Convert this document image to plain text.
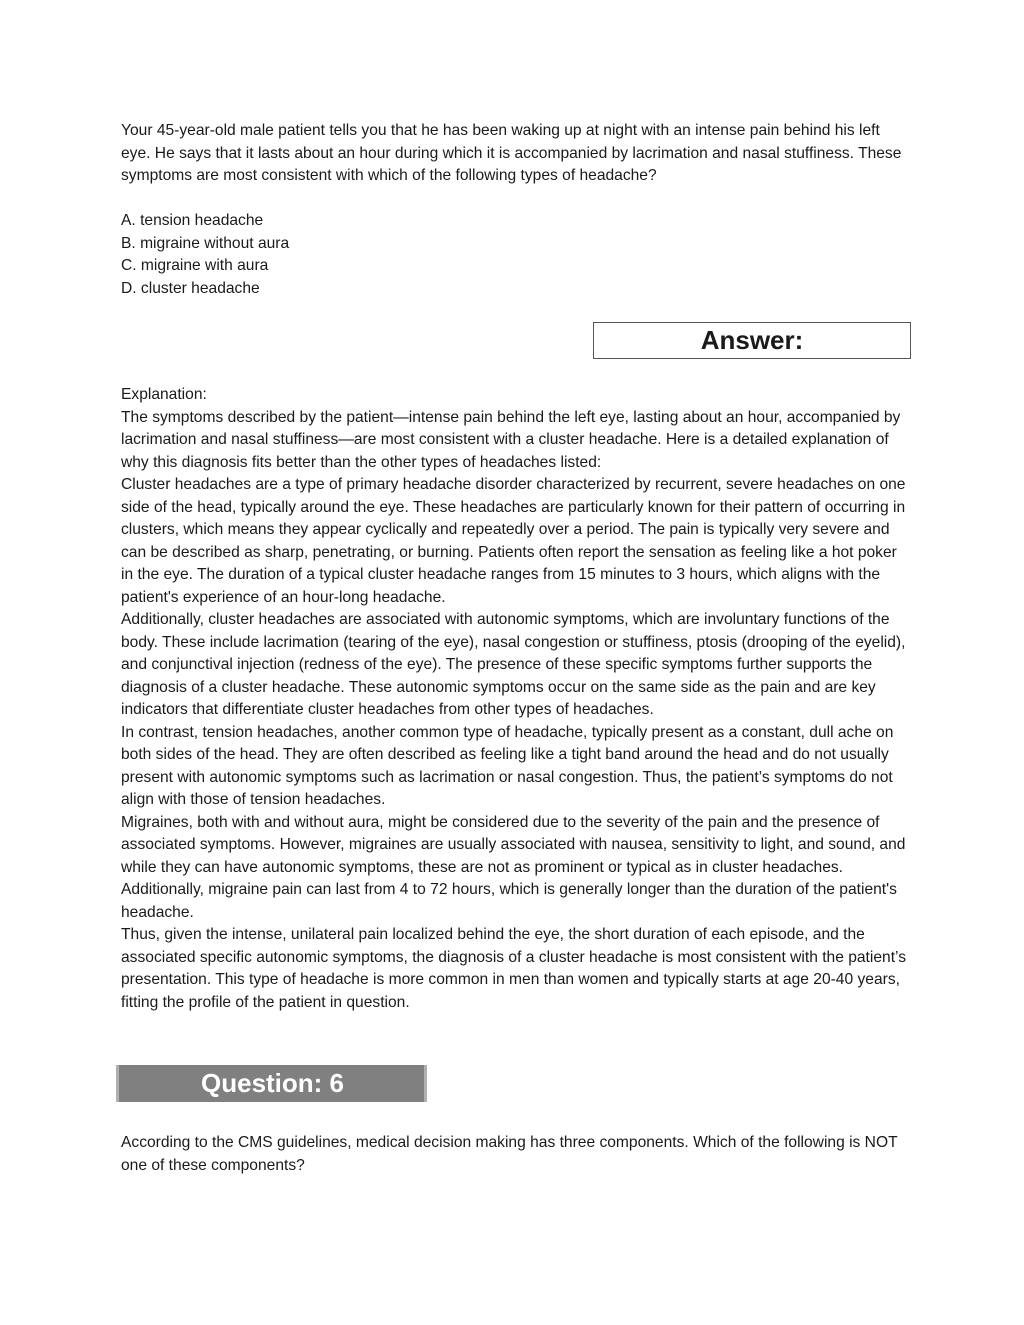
Your 45-year-old male patient tells you that he has been waking up at night with an intense pain behind his left eye. He says that it lasts about an hour during which it is accompanied by lacrimation and nasal stuffiness. These symptoms are most consistent with which of the following types of headache?

A. tension headache
B. migraine without aura
C. migraine with aura
D. cluster headache
Answer:

Explanation:

The symptoms described by the patient—intense pain behind the left eye, lasting about an hour, accompanied by lacrimation and nasal stuffiness—are most consistent with a cluster headache. Here is a detailed explanation of why this diagnosis fits better than the other types of headaches listed:

Cluster headaches are a type of primary headache disorder characterized by recurrent, severe headaches on one side of the head, typically around the eye. These headaches are particularly known for their pattern of occurring in clusters, which means they appear cyclically and repeatedly over a period. The pain is typically very severe and can be described as sharp, penetrating, or burning. Patients often report the sensation as feeling like a hot poker in the eye. The duration of a typical cluster headache ranges from 15 minutes to 3 hours, which aligns with the patient's experience of an hour-long headache.

Additionally, cluster headaches are associated with autonomic symptoms, which are involuntary functions of the body. These include lacrimation (tearing of the eye), nasal congestion or stuffiness, ptosis (drooping of the eyelid), and conjunctival injection (redness of the eye). The presence of these specific symptoms further supports the diagnosis of a cluster headache. These autonomic symptoms occur on the same side as the pain and are key indicators that differentiate cluster headaches from other types of headaches.

In contrast, tension headaches, another common type of headache, typically present as a constant, dull ache on both sides of the head. They are often described as feeling like a tight band around the head and do not usually present with autonomic symptoms such as lacrimation or nasal congestion. Thus, the patient’s symptoms do not align with those of tension headaches.

Migraines, both with and without aura, might be considered due to the severity of the pain and the presence of associated symptoms. However, migraines are usually associated with nausea, sensitivity to light, and sound, and while they can have autonomic symptoms, these are not as prominent or typical as in cluster headaches. Additionally, migraine pain can last from 4 to 72 hours, which is generally longer than the duration of the patient's headache.

Thus, given the intense, unilateral pain localized behind the eye, the short duration of each episode, and the associated specific autonomic symptoms, the diagnosis of a cluster headache is most consistent with the patient’s presentation. This type of headache is more common in men than women and typically starts at age 20-40 years, fitting the profile of the patient in question.

Question: 6

According to the CMS guidelines, medical decision making has three components. Which of the following is NOT one of these components?
